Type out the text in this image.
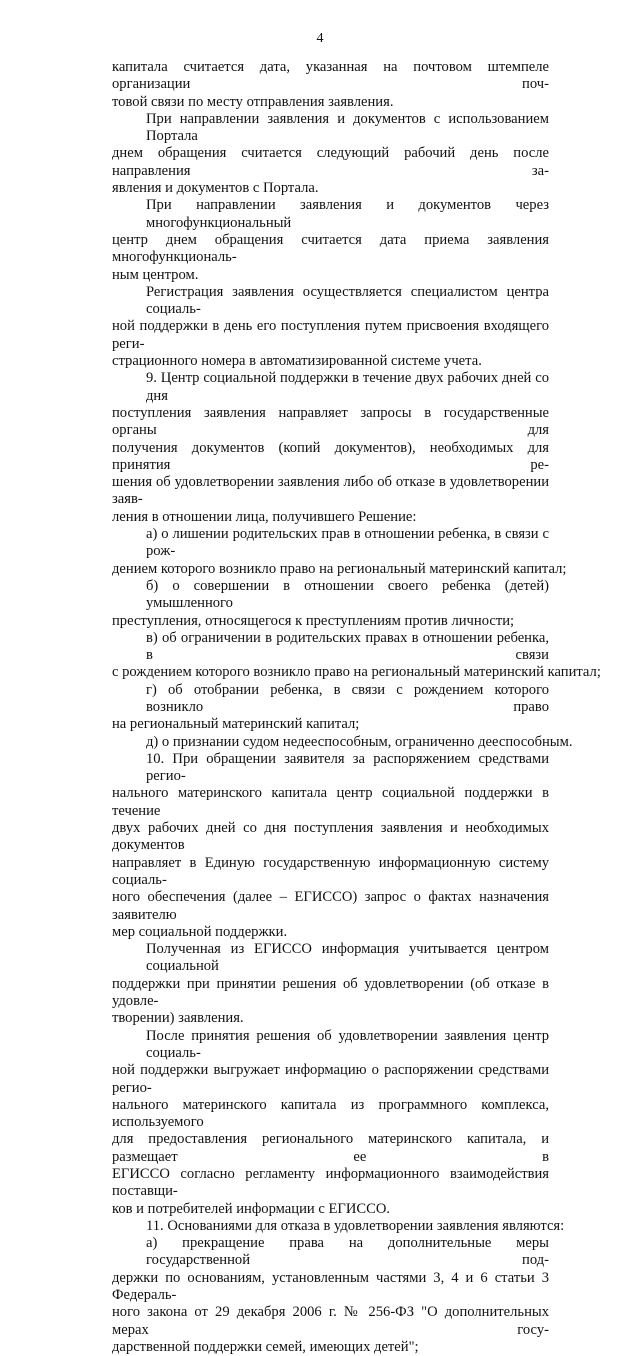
4
капитала считается дата, указанная на почтовом штемпеле организации поч-
товой связи по месту отправления заявления.
При направлении заявления и документов с использованием Портала
днем обращения считается следующий рабочий день после направления за-
явления и документов с Портала.
При направлении заявления и документов через многофункциональный
центр днем обращения считается дата приема заявления многофункциональ-
ным центром.
Регистрация заявления осуществляется специалистом центра социаль-
ной поддержки в день его поступления путем присвоения входящего реги-
страционного номера в автоматизированной системе учета.
9. Центр социальной поддержки в течение двух рабочих дней со дня
поступления заявления направляет запросы в государственные органы для
получения документов (копий документов), необходимых для принятия ре-
шения об удовлетворении заявления либо об отказе в удовлетворении заяв-
ления в отношении лица, получившего Решение:
а) о лишении родительских прав в отношении ребенка, в связи с рож-
дением которого возникло право на региональный материнский капитал;
б) о совершении в отношении своего ребенка (детей) умышленного
преступления, относящегося к преступлениям против личности;
в) об ограничении в родительских правах в отношении ребенка, в связи
с рождением которого возникло право на региональный материнский капитал;
г) об отобрании ребенка, в связи с рождением которого возникло право
на региональный материнский капитал;
д) о признании судом недееспособным, ограниченно дееспособным.
10. При обращении заявителя за распоряжением средствами регио-
нального материнского капитала центр социальной поддержки в течение
двух рабочих дней со дня поступления заявления и необходимых документов
направляет в Единую государственную информационную систему социаль-
ного обеспечения (далее – ЕГИССО) запрос о фактах назначения заявителю
мер социальной поддержки.
Полученная из ЕГИССО информация учитывается центром социальной
поддержки при принятии решения об удовлетворении (об отказе в удовле-
творении) заявления.
После принятия решения об удовлетворении заявления центр социаль-
ной поддержки выгружает информацию о распоряжении средствами регио-
нального материнского капитала из программного комплекса, используемого
для предоставления регионального материнского капитала, и размещает ее в
ЕГИССО согласно регламенту информационного взаимодействия поставщи-
ков и потребителей информации с ЕГИССО.
11. Основаниями для отказа в удовлетворении заявления являются:
а) прекращение права на дополнительные меры государственной под-
держки по основаниям, установленным частями 3, 4 и 6 статьи 3 Федераль-
ного закона от 29 декабря 2006 г. № 256-ФЗ "О дополнительных мерах госу-
дарственной поддержки семей, имеющих детей";
